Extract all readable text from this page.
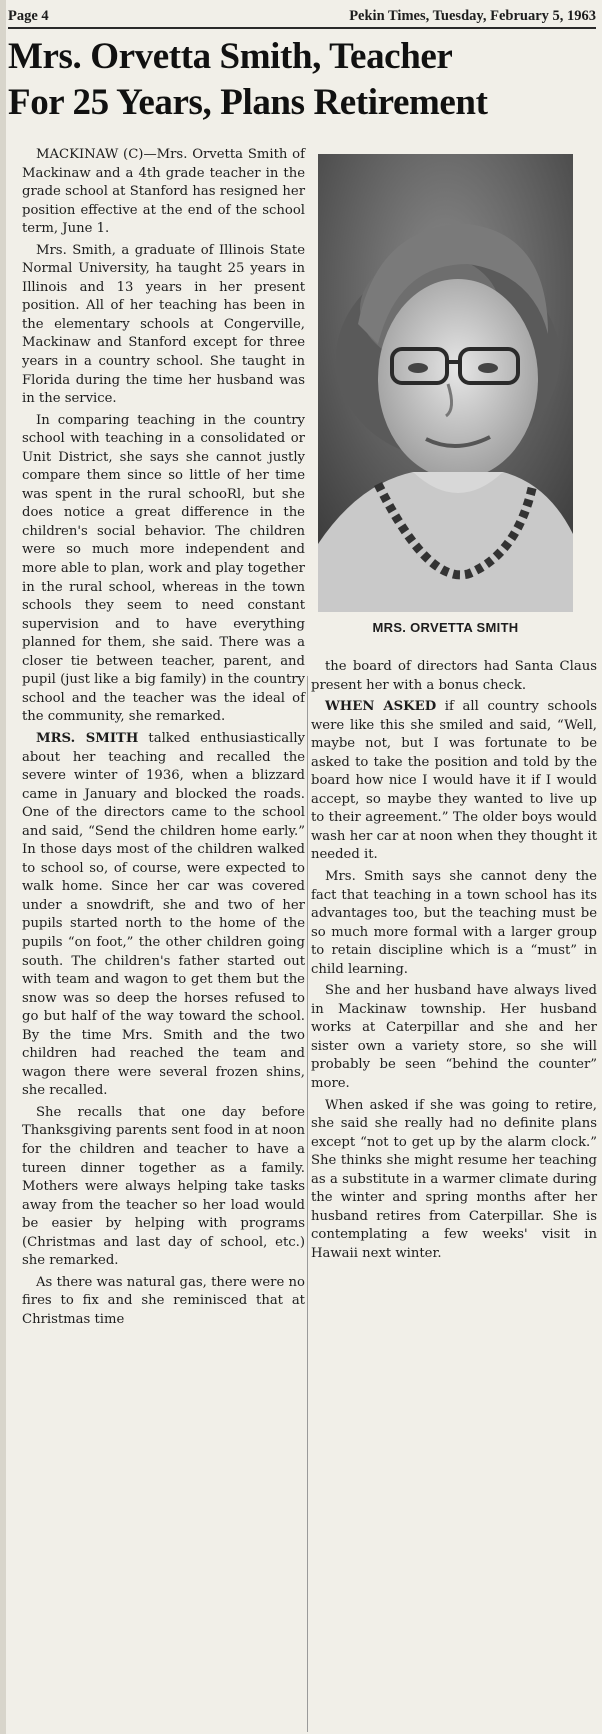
Page 4	Pekin Times, Tuesday, February 5, 1963
Mrs. Orvetta Smith, Teacher
For 25 Years, Plans Retirement

MACKINAW (C)—Mrs. Orvetta Smith of Mackinaw and a 4th grade teacher in the grade school at Stanford has resigned her position effective at the end of the school term, June 1.

Mrs. Smith, a graduate of Illinois State Normal University, ha taught 25 years in Illinois and 13 years in her present position. All of her teaching has been in the elementary schools at Congerville, Mackinaw and Stanford except for three years in a country school. She taught in Florida during the time her husband was in the service.

In comparing teaching in the country school with teaching in a consolidated or Unit District, she says she cannot justly compare them since so little of her time was spent in the rural schooRl, but she does notice a great difference in the children's social behavior. The children were so much more independent and more able to plan, work and play together in the rural school, whereas in the town schools they seem to need constant supervision and to have everything planned for them, she said. There was a closer tie between teacher, parent, and pupil (just like a big family) in the country school and the teacher was the ideal of the community, she remarked.

MRS. SMITH talked enthusiastically about her teaching and recalled the severe winter of 1936, when a blizzard came in January and blocked the roads. One of the directors came to the school and said, “Send the children home early.” In those days most of the children walked to school so, of course, were expected to walk home. Since her car was covered under a snowdrift, she and two of her pupils started north to the home of the pupils “on foot,” the other children going south. The children's father started out with team and wagon to get them but the snow was so deep the horses refused to go but half of the way toward the school. By the time Mrs. Smith and the two children had reached the team and wagon there were several frozen shins, she recalled.

She recalls that one day before Thanksgiving parents sent food in at noon for the children and teacher to have a tureen dinner together as a family. Mothers were always helping take tasks away from the teacher so her load would be easier by helping with programs (Christmas and last day of school, etc.) she remarked.

As there was natural gas, there were no fires to fix and she reminisced that at Christmas time

MRS. ORVETTA SMITH

the board of directors had Santa Claus present her with a bonus check.

WHEN ASKED if all country schools were like this she smiled and said, “Well, maybe not, but I was fortunate to be asked to take the position and told by the board how nice I would have it if I would accept, so maybe they wanted to live up to their agreement.” The older boys would wash her car at noon when they thought it needed it.

Mrs. Smith says she cannot deny the fact that teaching in a town school has its advantages too, but the teaching must be so much more formal with a larger group to retain discipline which is a “must” in child learning.

She and her husband have always lived in Mackinaw township. Her husband works at Caterpillar and she and her sister own a variety store, so she will probably be seen “behind the counter” more.

When asked if she was going to retire, she said she really had no definite plans except “not to get up by the alarm clock.” She thinks she might resume her teaching as a substitute in a warmer climate during the winter and spring months after her husband retires from Caterpillar. She is contemplating a few weeks' visit in Hawaii next winter.
